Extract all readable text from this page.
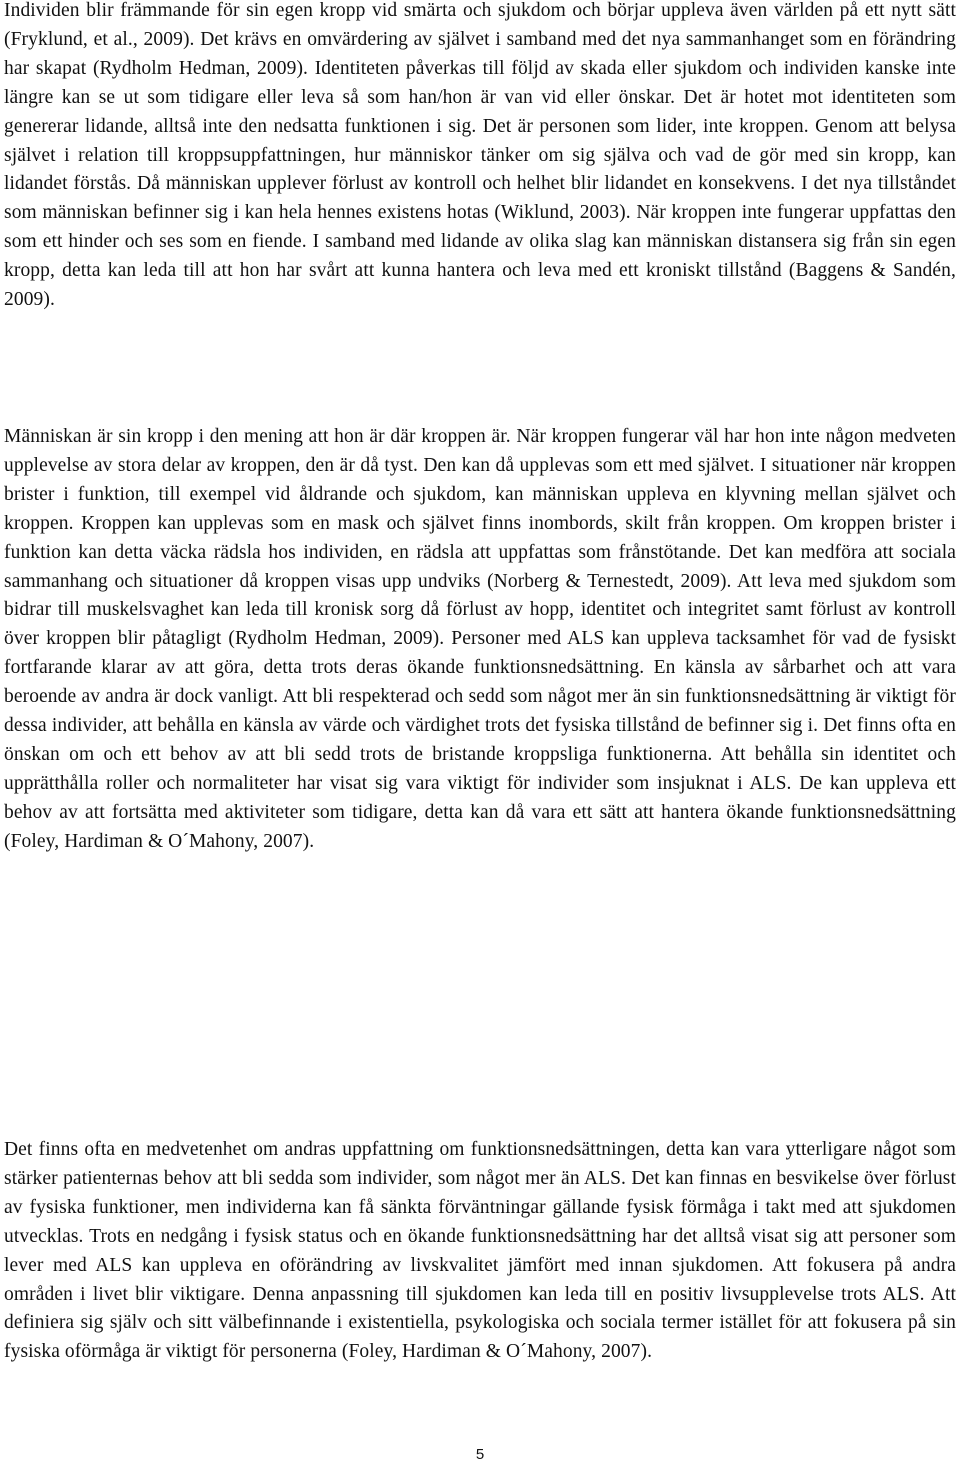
Individen blir främmande för sin egen kropp vid smärta och sjukdom och börjar uppleva även världen på ett nytt sätt (Fryklund, et al., 2009). Det krävs en omvärdering av självet i samband med det nya sammanhanget som en förändring har skapat (Rydholm Hedman, 2009). Identiteten påverkas till följd av skada eller sjukdom och individen kanske inte längre kan se ut som tidigare eller leva så som han/hon är van vid eller önskar. Det är hotet mot identiteten som genererar lidande, alltså inte den nedsatta funktionen i sig. Det är personen som lider, inte kroppen. Genom att belysa självet i relation till kroppsuppfattningen, hur människor tänker om sig själva och vad de gör med sin kropp, kan lidandet förstås. Då människan upplever förlust av kontroll och helhet blir lidandet en konsekvens. I det nya tillståndet som människan befinner sig i kan hela hennes existens hotas (Wiklund, 2003). När kroppen inte fungerar uppfattas den som ett hinder och ses som en fiende. I samband med lidande av olika slag kan människan distansera sig från sin egen kropp, detta kan leda till att hon har svårt att kunna hantera och leva med ett kroniskt tillstånd (Baggens & Sandén, 2009).

Människan är sin kropp i den mening att hon är där kroppen är. När kroppen fungerar väl har hon inte någon medveten upplevelse av stora delar av kroppen, den är då tyst. Den kan då upplevas som ett med självet. I situationer när kroppen brister i funktion, till exempel vid åldrande och sjukdom, kan människan uppleva en klyvning mellan självet och kroppen. Kroppen kan upplevas som en mask och självet finns inombords, skilt från kroppen. Om kroppen brister i funktion kan detta väcka rädsla hos individen, en rädsla att uppfattas som frånstötande. Det kan medföra att sociala sammanhang och situationer då kroppen visas upp undviks (Norberg & Ternestedt, 2009). Att leva med sjukdom som bidrar till muskelsvaghet kan leda till kronisk sorg då förlust av hopp, identitet och integritet samt förlust av kontroll över kroppen blir påtagligt (Rydholm Hedman, 2009). Personer med ALS kan uppleva tacksamhet för vad de fysiskt fortfarande klarar av att göra, detta trots deras ökande funktionsnedsättning. En känsla av sårbarhet och att vara beroende av andra är dock vanligt. Att bli respekterad och sedd som något mer än sin funktionsnedsättning är viktigt för dessa individer, att behålla en känsla av värde och värdighet trots det fysiska tillstånd de befinner sig i. Det finns ofta en önskan om och ett behov av att bli sedd trots de bristande kroppsliga funktionerna. Att behålla sin identitet och upprätthålla roller och normaliteter har visat sig vara viktigt för individer som insjuknat i ALS. De kan uppleva ett behov av att fortsätta med aktiviteter som tidigare, detta kan då vara ett sätt att hantera ökande funktionsnedsättning (Foley, Hardiman & O´Mahony, 2007).

Det finns ofta en medvetenhet om andras uppfattning om funktionsnedsättningen, detta kan vara ytterligare något som stärker patienternas behov att bli sedda som individer, som något mer än ALS. Det kan finnas en besvikelse över förlust av fysiska funktioner, men individerna kan få sänkta förväntningar gällande fysisk förmåga i takt med att sjukdomen utvecklas. Trots en nedgång i fysisk status och en ökande funktionsnedsättning har det alltså visat sig att personer som lever med ALS kan uppleva en oförändring av livskvalitet jämfört med innan sjukdomen. Att fokusera på andra områden i livet blir viktigare. Denna anpassning till sjukdomen kan leda till en positiv livsupplevelse trots ALS. Att definiera sig själv och sitt välbefinnande i existentiella, psykologiska och sociala termer istället för att fokusera på sin fysiska oförmåga är viktigt för personerna (Foley, Hardiman & O´Mahony, 2007).

5
